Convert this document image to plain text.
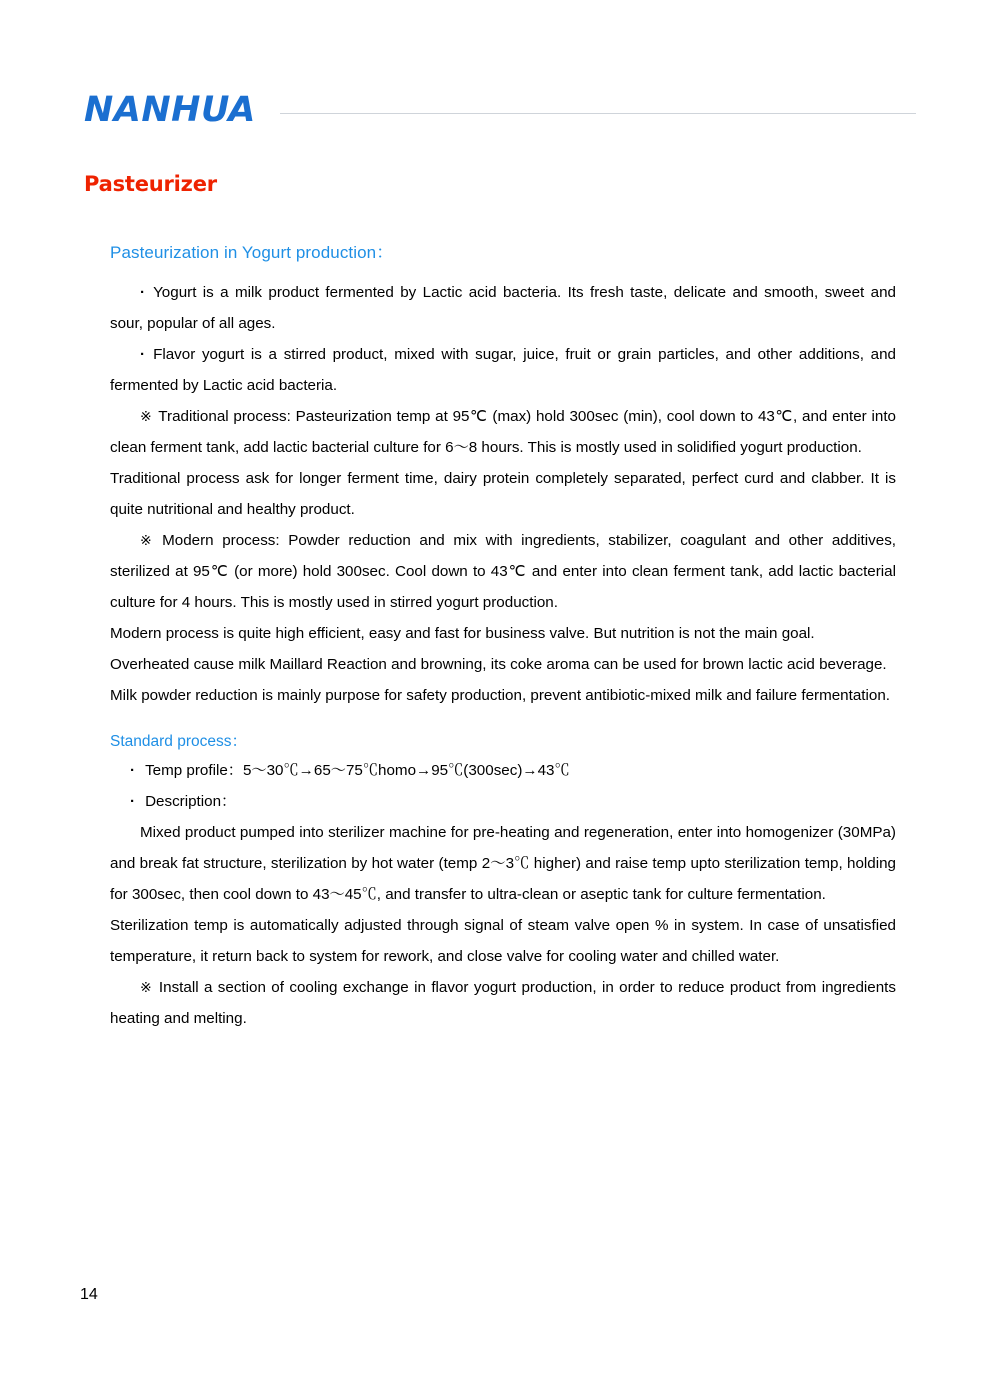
NANHUA
Pasteurizer
Pasteurization in Yogurt production：

· Yogurt is a milk product fermented by Lactic acid bacteria. Its fresh taste, delicate and smooth, sweet and sour, popular of all ages.

· Flavor yogurt is a stirred product, mixed with sugar, juice, fruit or grain particles, and other additions, and fermented by Lactic acid bacteria.

※ Traditional process: Pasteurization temp at 95℃ (max) hold 300sec (min), cool down to 43℃, and enter into clean ferment tank, add lactic bacterial culture for 6～8 hours. This is mostly used in solidified yogurt production.

Traditional process ask for longer ferment time, dairy protein completely separated, perfect curd and clabber. It is quite nutritional and healthy product.

※ Modern process: Powder reduction and mix with ingredients, stabilizer, coagulant and other additives, sterilized at 95℃ (or more) hold 300sec. Cool down to 43℃ and enter into clean ferment tank, add lactic bacterial culture for 4 hours. This is mostly used in stirred yogurt production.

Modern process is quite high efficient, easy and fast for business valve. But nutrition is not the main goal.

Overheated cause milk Maillard Reaction and browning, its coke aroma can be used for brown lactic acid beverage.

Milk powder reduction is mainly purpose for safety production, prevent antibiotic-mixed milk and failure fermentation.

Standard process：

· Temp profile：5～30℃→65～75℃homo→95℃(300sec)→43℃

· Description：

Mixed product pumped into sterilizer machine for pre-heating and regeneration, enter into homogenizer (30MPa) and break fat structure, sterilization by hot water (temp 2～3℃ higher) and raise temp upto sterilization temp, holding for 300sec, then cool down to 43～45℃, and transfer to ultra-clean or aseptic tank for culture fermentation.

Sterilization temp is automatically adjusted through signal of steam valve open % in system. In case of unsatisfied temperature, it return back to system for rework, and close valve for cooling water and chilled water.

※ Install a section of cooling exchange in flavor yogurt production, in order to reduce product from ingredients heating and melting.

14
